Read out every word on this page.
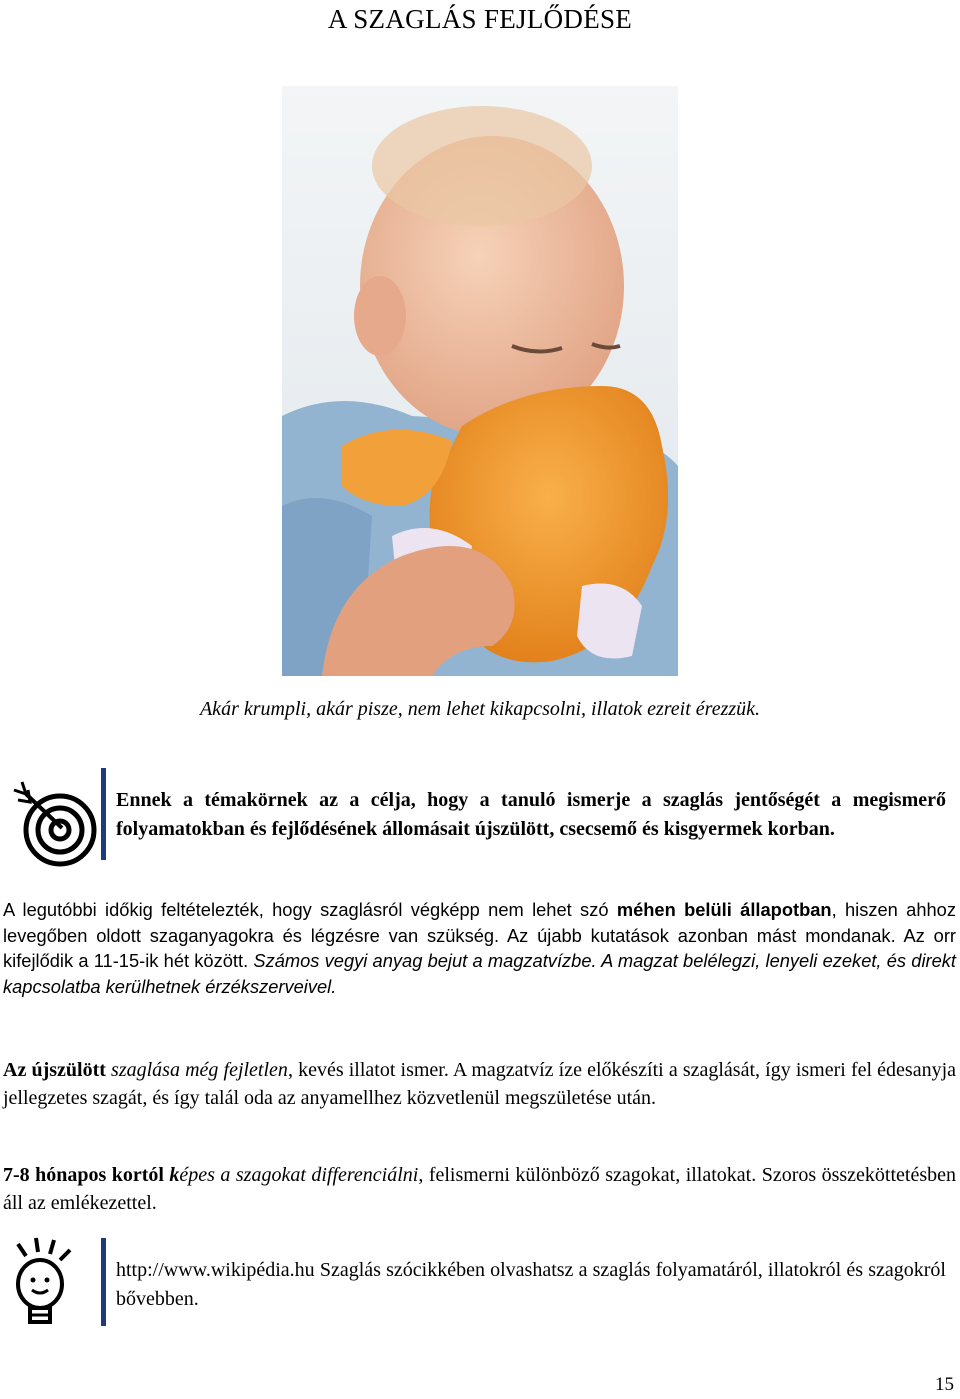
A SZAGLÁS FEJLŐDÉSE
Akár krumpli, akár pisze, nem lehet kikapcsolni, illatok ezreit érezzük.
Ennek a témakörnek az a célja, hogy a tanuló ismerje a szaglás jentőségét a megismerő folyamatokban és fejlődésének állomásait újszülött, csecsemő és kisgyermek korban.
A legutóbbi időkig feltételezték, hogy szaglásról végképp nem lehet szó méhen belüli állapotban, hiszen ahhoz levegőben oldott szaganyagokra és légzésre van szükség. Az újabb kutatások azonban mást mondanak. Az orr kifejlődik a 11-15-ik hét között. Számos vegyi anyag bejut a magzatvízbe. A magzat belélegzi, lenyeli ezeket, és direkt kapcsolatba kerülhetnek érzékszerveivel.
Az újszülött szaglása még fejletlen, kevés illatot ismer. A magzatvíz íze előkészíti a szaglását, így ismeri fel édesanyja jellegzetes szagát, és így talál oda az anyamellhez közvetlenül megszületése után.
7-8 hónapos kortól képes a szagokat differenciálni, felismerni különböző szagokat, illatokat. Szoros összeköttetésben áll az emlékezettel.
http://www.wikipédia.hu Szaglás szócikkében olvashatsz a szaglás folyamatáról, illatokról és szagokról bővebben.
15
